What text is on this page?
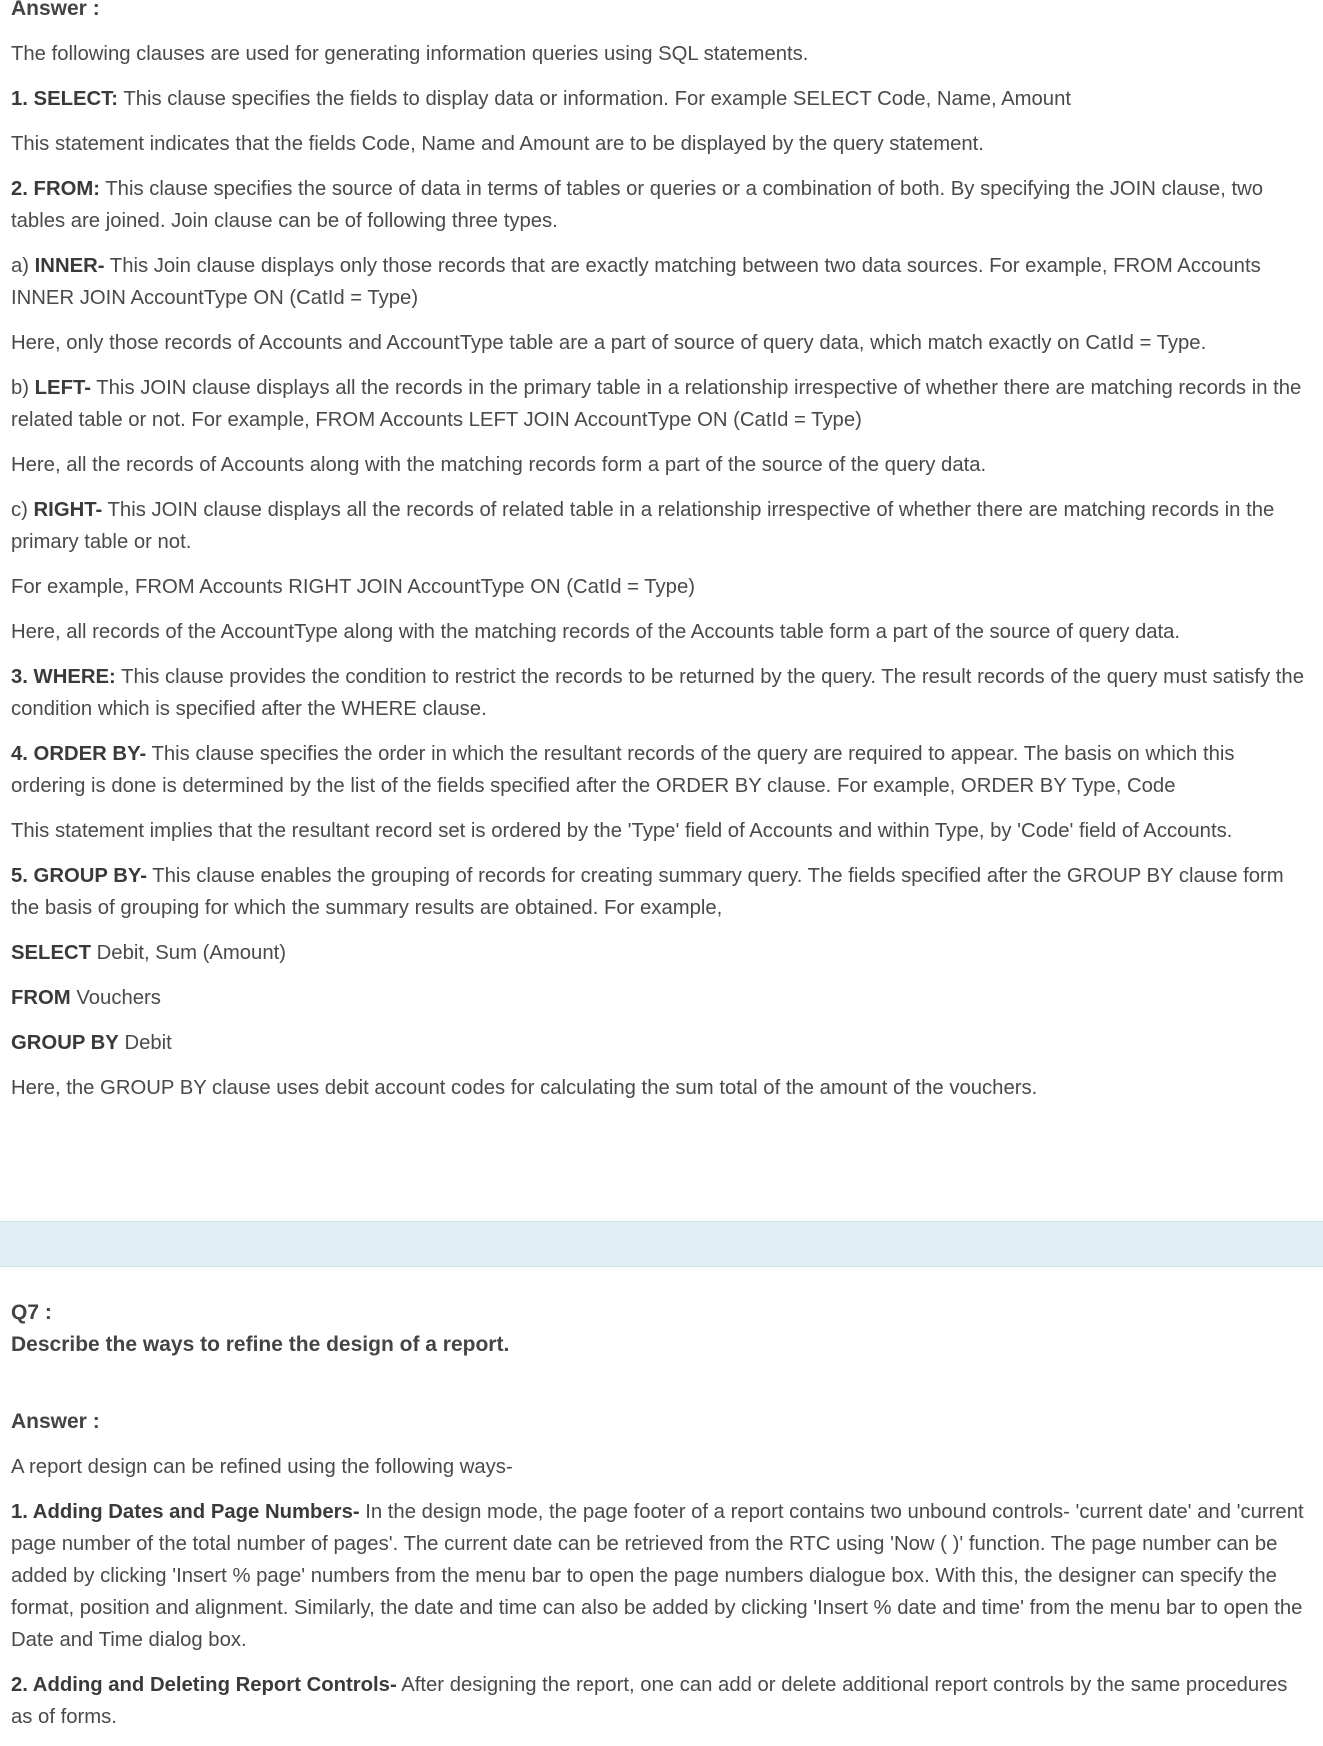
Answer :

The following clauses are used for generating information queries using SQL statements.

1. SELECT: This clause specifies the fields to display data or information. For example SELECT Code, Name, Amount

This statement indicates that the fields Code, Name and Amount are to be displayed by the query statement.

2. FROM: This clause specifies the source of data in terms of tables or queries or a combination of both. By specifying the JOIN clause, two tables are joined. Join clause can be of following three types.

a) INNER- This Join clause displays only those records that are exactly matching between two data sources. For example, FROM Accounts INNER JOIN AccountType ON (CatId = Type)

Here, only those records of Accounts and AccountType table are a part of source of query data, which match exactly on CatId = Type.

b) LEFT- This JOIN clause displays all the records in the primary table in a relationship irrespective of whether there are matching records in the related table or not. For example, FROM Accounts LEFT JOIN AccountType ON (CatId = Type)

Here, all the records of Accounts along with the matching records form a part of the source of the query data.

c) RIGHT- This JOIN clause displays all the records of related table in a relationship irrespective of whether there are matching records in the primary table or not.

For example, FROM Accounts RIGHT JOIN AccountType ON (CatId = Type)

Here, all records of the AccountType along with the matching records of the Accounts table form a part of the source of query data.

3. WHERE: This clause provides the condition to restrict the records to be returned by the query. The result records of the query must satisfy the condition which is specified after the WHERE clause.

4. ORDER BY- This clause specifies the order in which the resultant records of the query are required to appear. The basis on which this ordering is done is determined by the list of the fields specified after the ORDER BY clause. For example, ORDER BY Type, Code

This statement implies that the resultant record set is ordered by the 'Type' field of Accounts and within Type, by 'Code' field of Accounts.

5. GROUP BY- This clause enables the grouping of records for creating summary query. The fields specified after the GROUP BY clause form the basis of grouping for which the summary results are obtained. For example,

SELECT Debit, Sum (Amount)

FROM Vouchers

GROUP BY Debit

Here, the GROUP BY clause uses debit account codes for calculating the sum total of the amount of the vouchers.

Q7 :
Describe the ways to refine the design of a report.
Answer :

A report design can be refined using the following ways-

1. Adding Dates and Page Numbers- In the design mode, the page footer of a report contains two unbound controls- 'current date' and 'current page number of the total number of pages'. The current date can be retrieved from the RTC using 'Now ( )' function. The page number can be added by clicking 'Insert % page' numbers from the menu bar to open the page numbers dialogue box. With this, the designer can specify the format, position and alignment. Similarly, the date and time can also be added by clicking 'Insert % date and time' from the menu bar to open the Date and Time dialog box.

2. Adding and Deleting Report Controls- After designing the report, one can add or delete additional report controls by the same procedures as of forms.
